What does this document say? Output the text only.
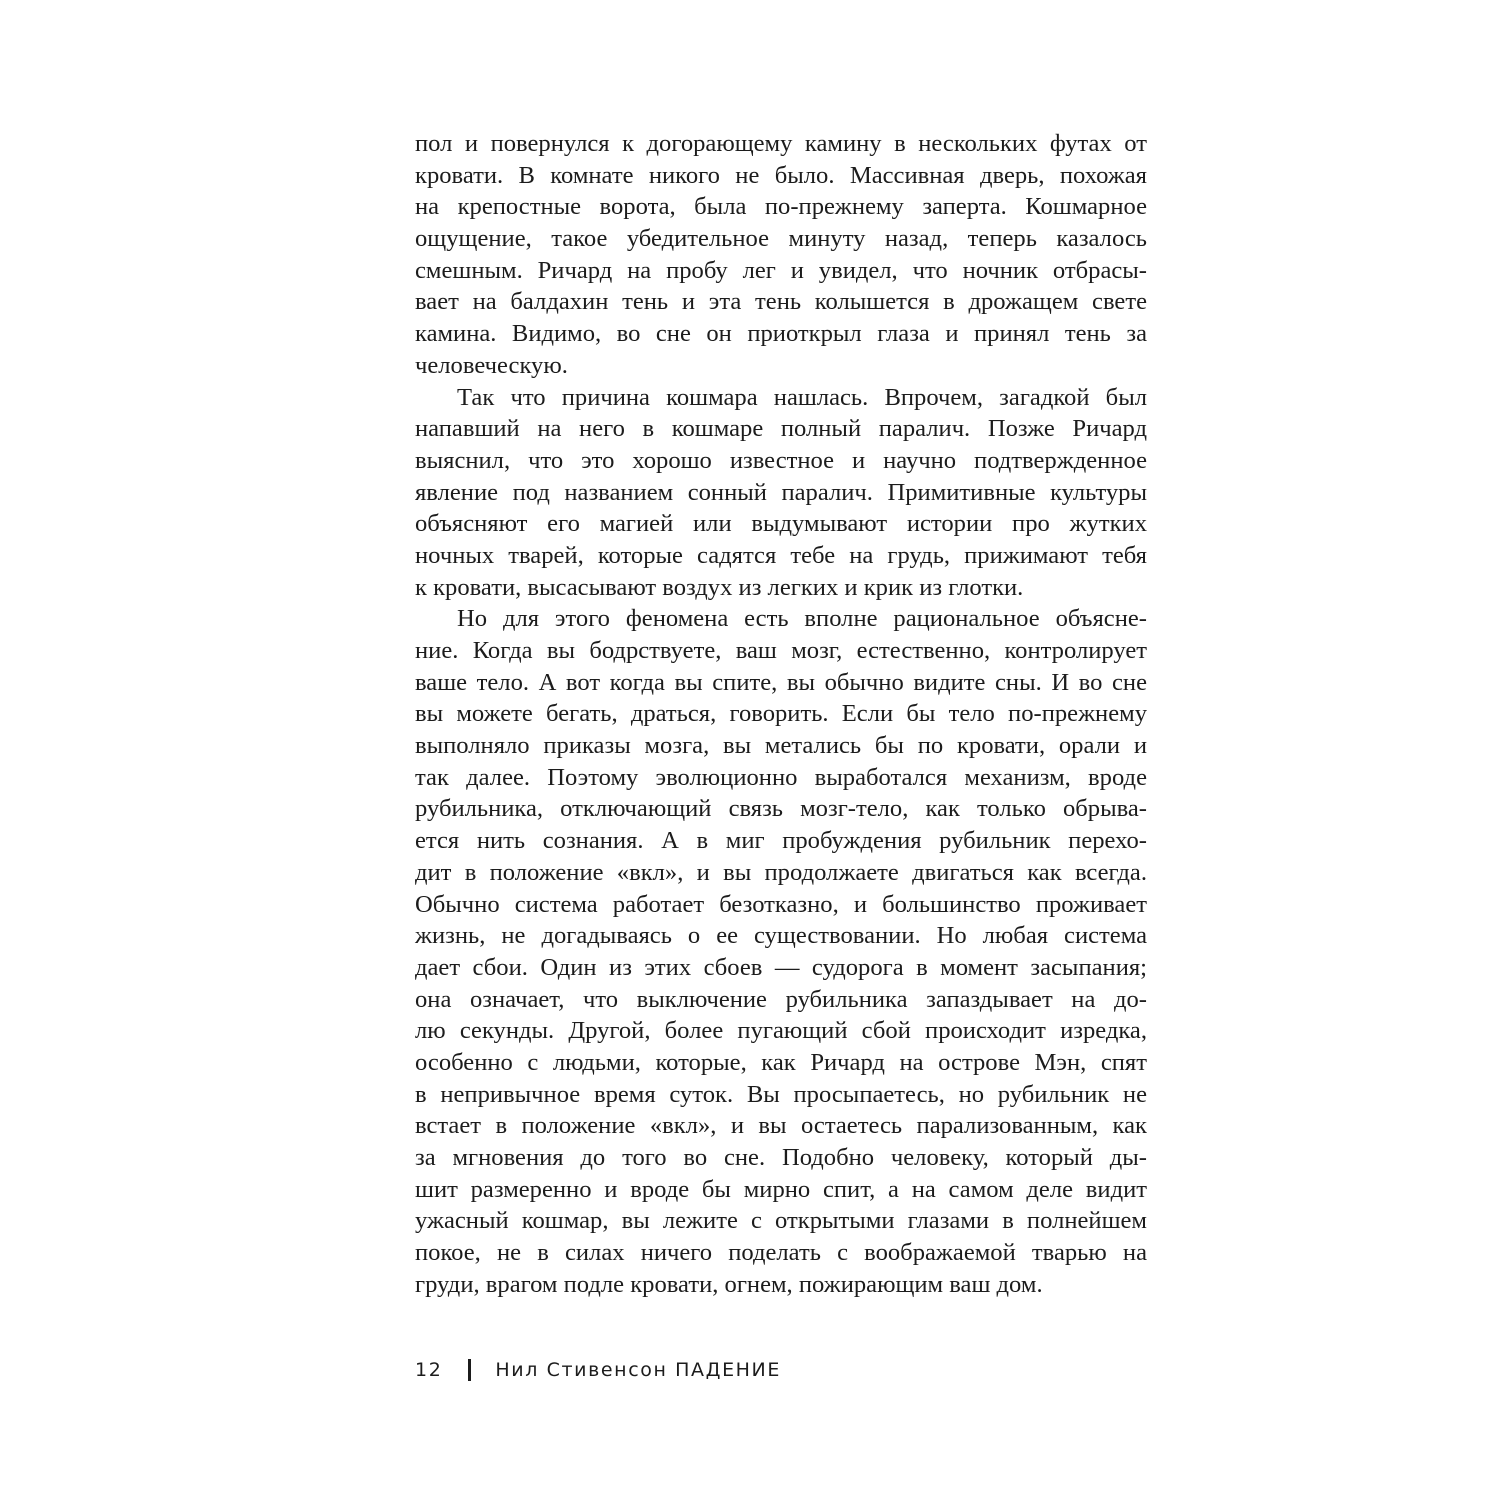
пол и повернулся к догорающему камину в нескольких футах от
кровати. В комнате никого не было. Массивная дверь, похожая
на крепостные ворота, была по-прежнему заперта. Кошмарное
ощущение, такое убедительное минуту назад, теперь казалось
смешным. Ричард на пробу лег и увидел, что ночник отбрасы-
вает на балдахин тень и эта тень колышется в дрожащем свете
камина. Видимо, во сне он приоткрыл глаза и принял тень за
человеческую.
Так что причина кошмара нашлась. Впрочем, загадкой был
напавший на него в кошмаре полный паралич. Позже Ричард
выяснил, что это хорошо известное и научно подтвержденное
явление под названием сонный паралич. Примитивные культуры
объясняют его магией или выдумывают истории про жутких
ночных тварей, которые садятся тебе на грудь, прижимают тебя
к кровати, высасывают воздух из легких и крик из глотки.
Но для этого феномена есть вполне рациональное объясне-
ние. Когда вы бодрствуете, ваш мозг, естественно, контролирует
ваше тело. А вот когда вы спите, вы обычно видите сны. И во сне
вы можете бегать, драться, говорить. Если бы тело по-прежнему
выполняло приказы мозга, вы метались бы по кровати, орали и
так далее. Поэтому эволюционно выработался механизм, вроде
рубильника, отключающий связь мозг-тело, как только обрыва-
ется нить сознания. А в миг пробуждения рубильник перехо-
дит в положение «вкл», и вы продолжаете двигаться как всегда.
Обычно система работает безотказно, и большинство проживает
жизнь, не догадываясь о ее существовании. Но любая система
дает сбои. Один из этих сбоев — судорога в момент засыпания;
она означает, что выключение рубильника запаздывает на до-
лю секунды. Другой, более пугающий сбой происходит изредка,
особенно с людьми, которые, как Ричард на острове Мэн, спят
в непривычное время суток. Вы просыпаетесь, но рубильник не
встает в положение «вкл», и вы остаетесь парализованным, как
за мгновения до того во сне. Подобно человеку, который ды-
шит размеренно и вроде бы мирно спит, а на самом деле видит
ужасный кошмар, вы лежите с открытыми глазами в полнейшем
покое, не в силах ничего поделать с воображаемой тварью на
груди, врагом подле кровати, огнем, пожирающим ваш дом.
12	Нил Стивенсон ПАДЕНИЕ
